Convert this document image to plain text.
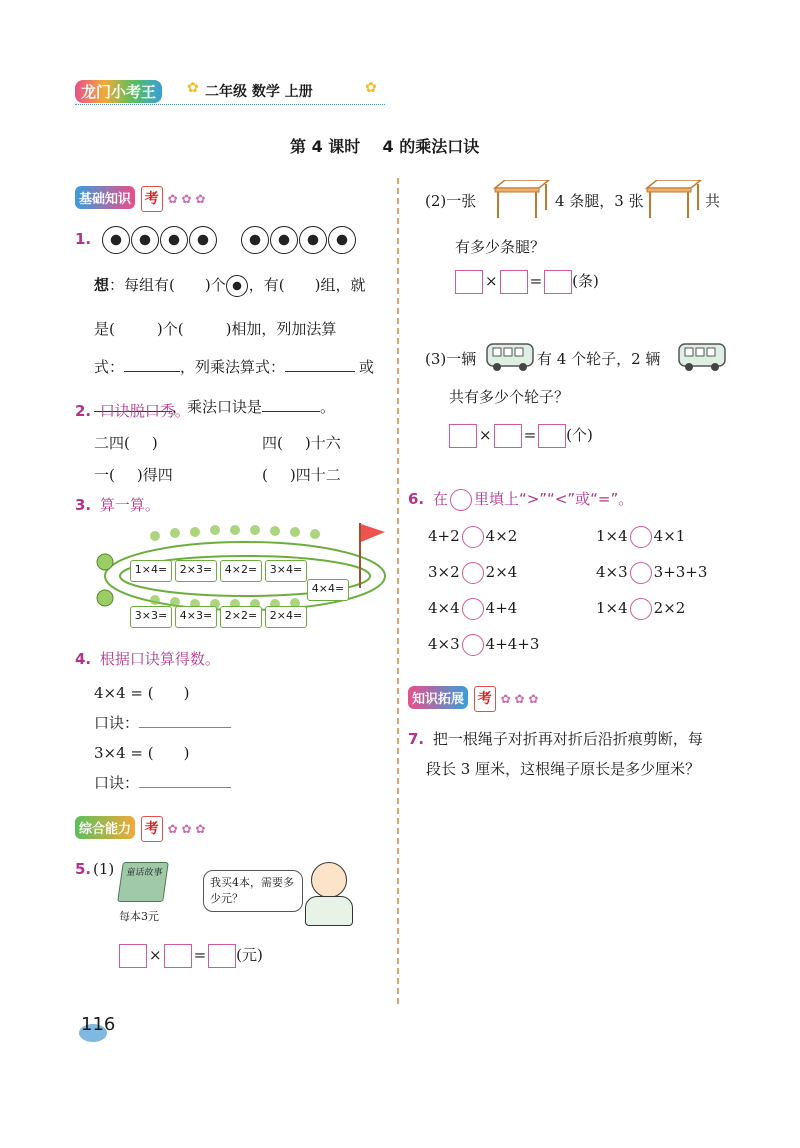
龙门小考王	✿ 二年级 数学 上册	✿
第 4 课时    4 的乘法口诀
基础知识 考 ✿ ✿ ✿
1.
想：每组有( )个 ，有( )组，就
是(	)个(	)相加，列加法算
式：	，列乘法算式：	或
，乘法口诀是	。
2. 口诀脱口秀。
二四( )	四( )十六
一( )得四	( )四十二
3. 算一算。
1×4=	2×3=	4×2=	3×4=
4×4=
3×3=	4×3=	2×2=	2×4=
4. 根据口诀算得数。
4×4 = ( )
口诀：
3×4 = ( )
口诀：
综合能力 考 ✿ ✿ ✿
5. (1)	童话故事
每本3元
我买4本，需要多少元？
× = (元)
116
(2)一张	4 条腿，3 张	共
有多少条腿？
× = (条)
(3)一辆	有 4 个轮子，2 辆
共有多少个轮子？
× = (个)
6. 在 里填上“>”“<”或“=”。
4+2 4×2	1×4 4×1
3×2 2×4	4×3 3+3+3
4×4 4+4	1×4 2×2
4×3 4+4+3
知识拓展 考 ✿ ✿ ✿
7. 把一根绳子对折再对折后沿折痕剪断，每
段长 3 厘米，这根绳子原长是多少厘米？
